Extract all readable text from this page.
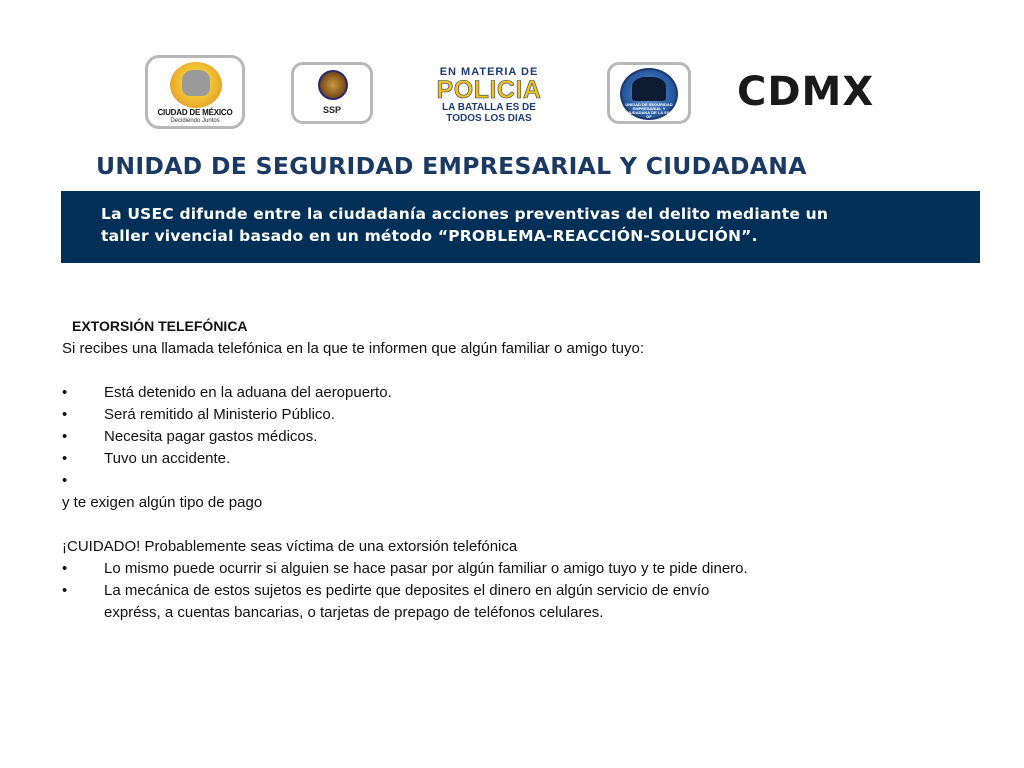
CIUDAD DE MÉXICO
Decidiendo Juntos
SSP
EN MATERIA DE
POLICIA
LA BATALLA ES DE
TODOS LOS DIAS
UNIDAD DE SEGURIDAD EMPRESARIAL Y CIUDADANA DE LA SSP DF
CDMX
UNIDAD DE SEGURIDAD EMPRESARIAL Y CIUDADANA
La USEC difunde entre la ciudadanía acciones preventivas del delito mediante un
taller vivencial basado en un método “PROBLEMA-REACCIÓN-SOLUCIÓN”.
EXTORSIÓN TELEFÓNICA
Si recibes una llamada telefónica en la que te informen que algún familiar o amigo tuyo:
• Está detenido en la aduana del aeropuerto.
• Será remitido al Ministerio Público.
• Necesita pagar gastos médicos.
• Tuvo un accidente.
•
y te exigen algún tipo de pago
¡CUIDADO! Probablemente seas víctima de una extorsión telefónica
• Lo mismo puede ocurrir si alguien se hace pasar por algún familiar o amigo tuyo y te pide dinero.
• La mecánica de estos sujetos es pedirte que deposites el dinero en algún servicio de envío
expréss, a cuentas bancarias, o tarjetas de prepago de teléfonos celulares.
